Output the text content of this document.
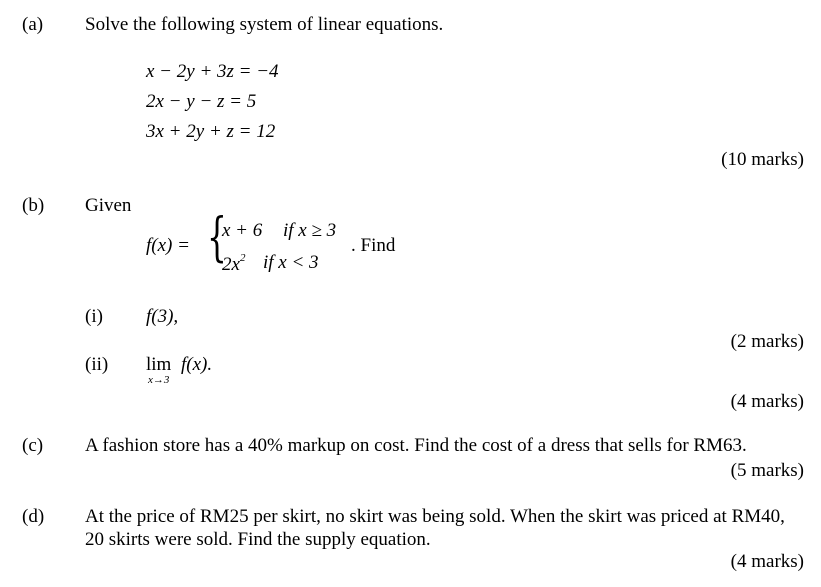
(a) Solve the following system of linear equations.
x − 2y + 3z = −4
2x − y − z = 5
3x + 2y + z = 12
(10 marks)
(b) Given
f(x) = {
x + 6 if x ≥ 3
$2x^2$ if x < 3
. Find
(i) f(3),
(2 marks)
(ii) lim
x→3
f(x).
(4 marks)
(c) A fashion store has a 40% markup on cost. Find the cost of a dress that sells for RM63.
(5 marks)
(d) At the price of RM25 per skirt, no skirt was being sold. When the skirt was priced at RM40,
20 skirts were sold. Find the supply equation.
(4 marks)
